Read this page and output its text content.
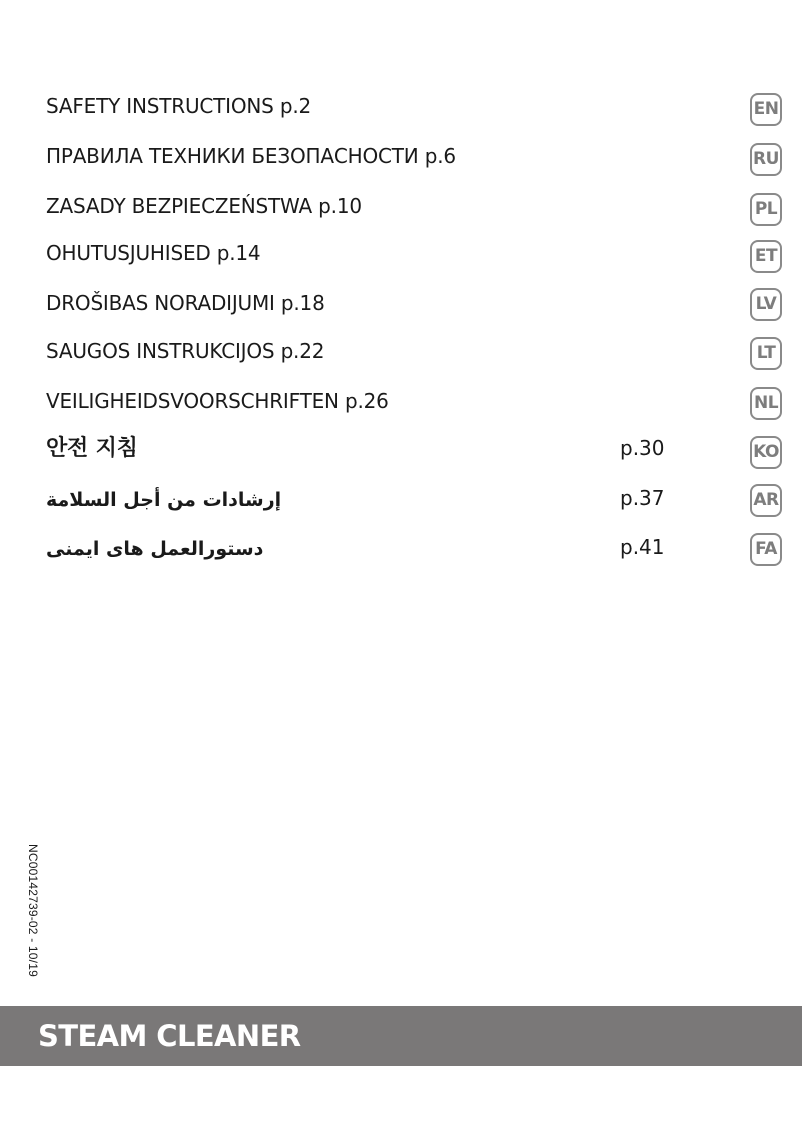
SAFETY INSTRUCTIONS p.2	EN
ПРАВИЛА ТЕХНИКИ БЕЗОПАСНОСТИ p.6	RU
ZASADY BEZPIECZEŃSTWA p.10	PL
OHUTUSJUHISED p.14	ET
DROŠIBAS NORADIJUMI p.18	LV
SAUGOS INSTRUKCIJOS p.22	LT
VEILIGHEIDSVOORSCHRIFTEN p.26	NL
안전 지침	p.30	KO
إرشادات من أجل السلامة	p.37	AR
دستورالعمل های ایمنی	p.41	FA
NC00142739-02 - 10/19
STEAM CLEANER
